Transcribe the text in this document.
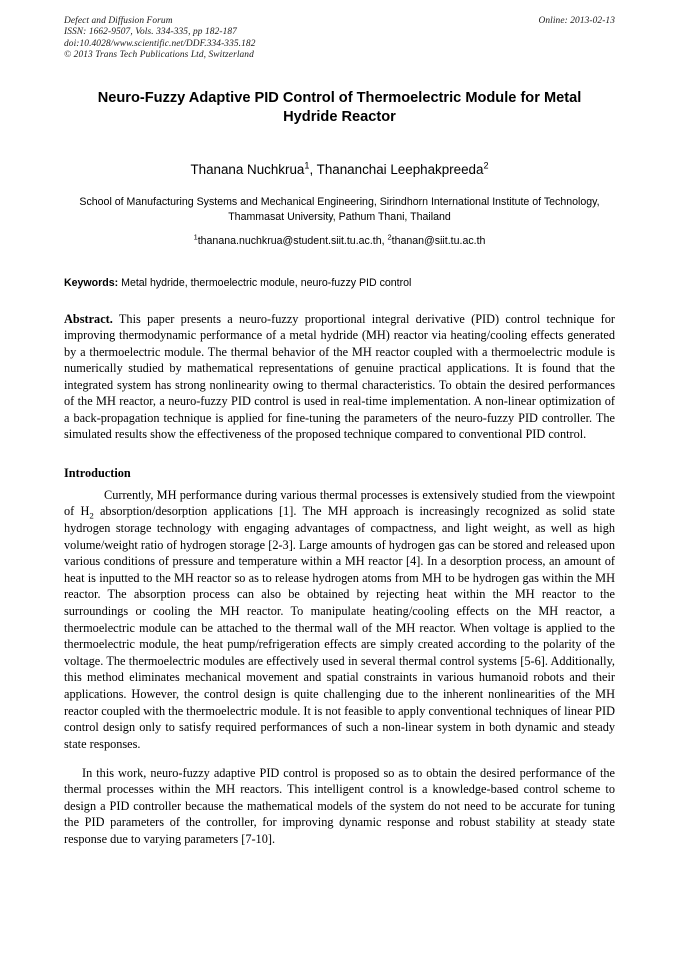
Defect and Diffusion Forum
ISSN: 1662-9507, Vols. 334-335, pp 182-187
doi:10.4028/www.scientific.net/DDF.334-335.182
© 2013 Trans Tech Publications Ltd, Switzerland
Online: 2013-02-13
Neuro-Fuzzy Adaptive PID Control of Thermoelectric Module for Metal Hydride Reactor
Thanana Nuchkrua$^1$, Thananchai Leephakpreeda$^2$
School of Manufacturing Systems and Mechanical Engineering, Sirindhorn International Institute of Technology, Thammasat University, Pathum Thani, Thailand
$^1$thanana.nuchkrua@student.siit.tu.ac.th, $^2$thanan@siit.tu.ac.th
Keywords: Metal hydride, thermoelectric module, neuro-fuzzy PID control
Abstract. This paper presents a neuro-fuzzy proportional integral derivative (PID) control technique for improving thermodynamic performance of a metal hydride (MH) reactor via heating/cooling effects generated by a thermoelectric module. The thermal behavior of the MH reactor coupled with a thermoelectric module is numerically studied by mathematical representations of genuine practical applications. It is found that the integrated system has strong nonlinearity owing to thermal characteristics. To obtain the desired performances of the MH reactor, a neuro-fuzzy PID control is used in real-time implementation. A non-linear optimization of a back-propagation technique is applied for fine-tuning the parameters of the neuro-fuzzy PID controller. The simulated results show the effectiveness of the proposed technique compared to conventional PID control.
Introduction

Currently, MH performance during various thermal processes is extensively studied from the viewpoint of $H_2$ absorption/desorption applications [1]. The MH approach is increasingly recognized as solid state hydrogen storage technology with engaging advantages of compactness, and light weight, as well as high volume/weight ratio of hydrogen storage [2-3]. Large amounts of hydrogen gas can be stored and released upon various conditions of pressure and temperature within a MH reactor [4]. In a desorption process, an amount of heat is inputted to the MH reactor so as to release hydrogen atoms from MH to be hydrogen gas within the MH reactor. The absorption process can also be obtained by rejecting heat within the MH reactor to the surroundings or cooling the MH reactor. To manipulate heating/cooling effects on the MH reactor, a thermoelectric module can be attached to the thermal wall of the MH reactor. When voltage is applied to the thermoelectric module, the heat pump/refrigeration effects are simply created according to the polarity of the voltage. The thermoelectric modules are effectively used in several thermal control systems [5-6]. Additionally, this method eliminates mechanical movement and spatial constraints in various humanoid robots and their applications. However, the control design is quite challenging due to the inherent nonlinearities of the MH reactor coupled with the thermoelectric module. It is not feasible to apply conventional techniques of linear PID control design only to satisfy required performances of such a non-linear system in both dynamic and steady state responses.

In this work, neuro-fuzzy adaptive PID control is proposed so as to obtain the desired performance of the thermal processes within the MH reactors. This intelligent control is a knowledge-based control scheme to design a PID controller because the mathematical models of the system do not need to be accurate for tuning the PID parameters of the controller, for improving dynamic response and robust stability at steady state response due to varying parameters [7-10].
